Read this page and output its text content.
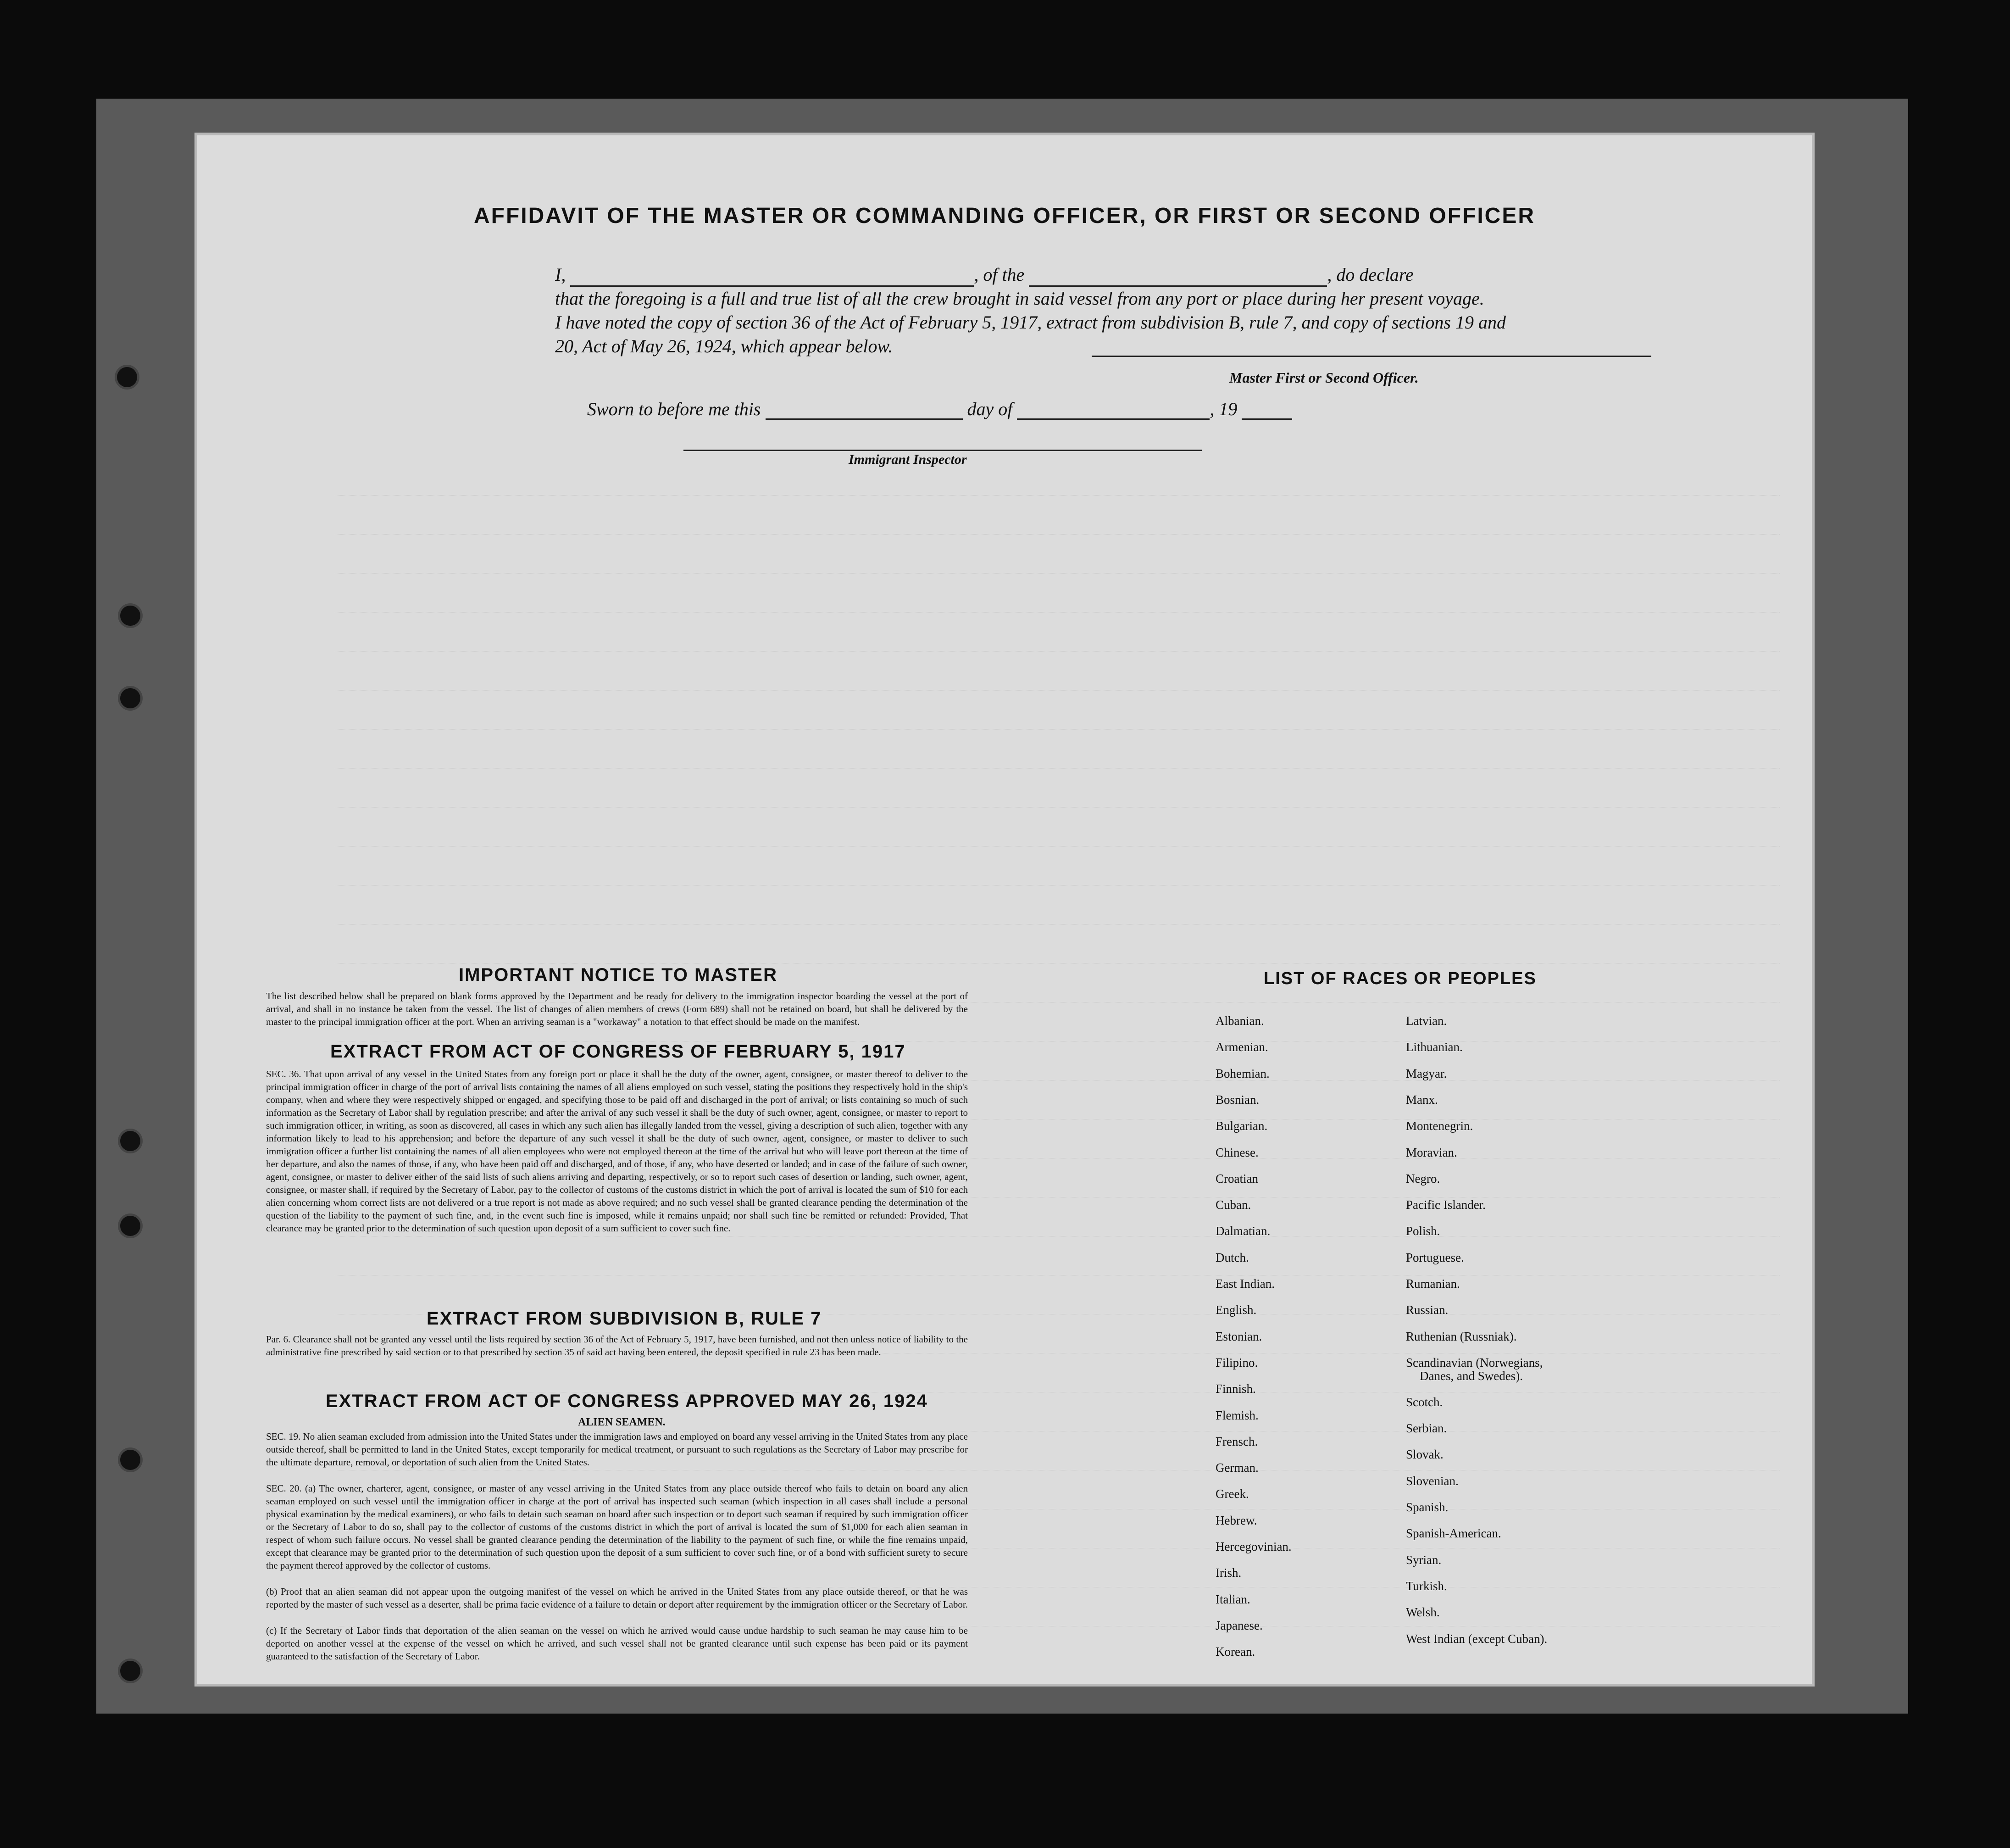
AFFIDAVIT OF THE MASTER OR COMMANDING OFFICER, OR FIRST OR SECOND OFFICER
I,	, of the	, do declare
that the foregoing is a full and true list of all the crew brought in said vessel from any port or place during her present voyage.
I have noted the copy of section 36 of the Act of February 5, 1917, extract from subdivision B, rule 7, and copy of sections 19 and
20, Act of May 26, 1924, which appear below.
Master First or Second Officer.
Sworn to before me this	day of	, 19
Immigrant Inspector
IMPORTANT NOTICE TO MASTER
The list described below shall be prepared on blank forms approved by the Department and be ready for delivery to the immigration inspector boarding the vessel at the port of arrival, and shall in no instance be taken from the vessel. The list of changes of alien members of crews (Form 689) shall not be retained on board, but shall be delivered by the master to the principal immigration officer at the port. When an arriving seaman is a "workaway" a notation to that effect should be made on the manifest.
EXTRACT FROM ACT OF CONGRESS OF FEBRUARY 5, 1917
SEC. 36. That upon arrival of any vessel in the United States from any foreign port or place it shall be the duty of the owner, agent, consignee, or master thereof to deliver to the principal immigration officer in charge of the port of arrival lists containing the names of all aliens employed on such vessel, stating the positions they respectively hold in the ship's company, when and where they were respectively shipped or engaged, and specifying those to be paid off and discharged in the port of arrival; or lists containing so much of such information as the Secretary of Labor shall by regulation prescribe; and after the arrival of any such vessel it shall be the duty of such owner, agent, consignee, or master to report to such immigration officer, in writing, as soon as discovered, all cases in which any such alien has illegally landed from the vessel, giving a description of such alien, together with any information likely to lead to his apprehension; and before the departure of any such vessel it shall be the duty of such owner, agent, consignee, or master to deliver to such immigration officer a further list containing the names of all alien employees who were not employed thereon at the time of the arrival but who will leave port thereon at the time of her departure, and also the names of those, if any, who have been paid off and discharged, and of those, if any, who have deserted or landed; and in case of the failure of such owner, agent, consignee, or master to deliver either of the said lists of such aliens arriving and departing, respectively, or so to report such cases of desertion or landing, such owner, agent, consignee, or master shall, if required by the Secretary of Labor, pay to the collector of customs of the customs district in which the port of arrival is located the sum of $10 for each alien concerning whom correct lists are not delivered or a true report is not made as above required; and no such vessel shall be granted clearance pending the determination of the question of the liability to the payment of such fine, and, in the event such fine is imposed, while it remains unpaid; nor shall such fine be remitted or refunded: Provided, That clearance may be granted prior to the determination of such question upon deposit of a sum sufficient to cover such fine.
EXTRACT FROM SUBDIVISION B, RULE 7
Par. 6. Clearance shall not be granted any vessel until the lists required by section 36 of the Act of February 5, 1917, have been furnished, and not then unless notice of liability to the administrative fine prescribed by said section or to that prescribed by section 35 of said act having been entered, the deposit specified in rule 23 has been made.
EXTRACT FROM ACT OF CONGRESS APPROVED MAY 26, 1924
ALIEN SEAMEN.
SEC. 19. No alien seaman excluded from admission into the United States under the immigration laws and employed on board any vessel arriving in the United States from any place outside thereof, shall be permitted to land in the United States, except temporarily for medical treatment, or pursuant to such regulations as the Secretary of Labor may prescribe for the ultimate departure, removal, or deportation of such alien from the United States.
SEC. 20. (a) The owner, charterer, agent, consignee, or master of any vessel arriving in the United States from any place outside thereof who fails to detain on board any alien seaman employed on such vessel until the immigration officer in charge at the port of arrival has inspected such seaman (which inspection in all cases shall include a personal physical examination by the medical examiners), or who fails to detain such seaman on board after such inspection or to deport such seaman if required by such immigration officer or the Secretary of Labor to do so, shall pay to the collector of customs of the customs district in which the port of arrival is located the sum of $1,000 for each alien seaman in respect of whom such failure occurs. No vessel shall be granted clearance pending the determination of the liability to the payment of such fine, or while the fine remains unpaid, except that clearance may be granted prior to the determination of such question upon the deposit of a sum sufficient to cover such fine, or of a bond with sufficient surety to secure the payment thereof approved by the collector of customs.
(b) Proof that an alien seaman did not appear upon the outgoing manifest of the vessel on which he arrived in the United States from any place outside thereof, or that he was reported by the master of such vessel as a deserter, shall be prima facie evidence of a failure to detain or deport after requirement by the immigration officer or the Secretary of Labor.
(c) If the Secretary of Labor finds that deportation of the alien seaman on the vessel on which he arrived would cause undue hardship to such seaman he may cause him to be deported on another vessel at the expense of the vessel on which he arrived, and such vessel shall not be granted clearance until such expense has been paid or its payment guaranteed to the satisfaction of the Secretary of Labor.
LIST OF RACES OR PEOPLES
Albanian.
Armenian.
Bohemian.
Bosnian.
Bulgarian.
Chinese.
Croatian
Cuban.
Dalmatian.
Dutch.
East Indian.
English.
Estonian.
Filipino.
Finnish.
Flemish.
Frensch.
German.
Greek.
Hebrew.
Hercegovinian.
Irish.
Italian.
Japanese.
Korean.
Latvian.
Lithuanian.
Magyar.
Manx.
Montenegrin.
Moravian.
Negro.
Pacific Islander.
Polish.
Portuguese.
Rumanian.
Russian.
Ruthenian (Russniak).
Scandinavian (Norwegians,
Danes, and Swedes).
Scotch.
Serbian.
Slovak.
Slovenian.
Spanish.
Spanish-American.
Syrian.
Turkish.
Welsh.
West Indian (except Cuban).
